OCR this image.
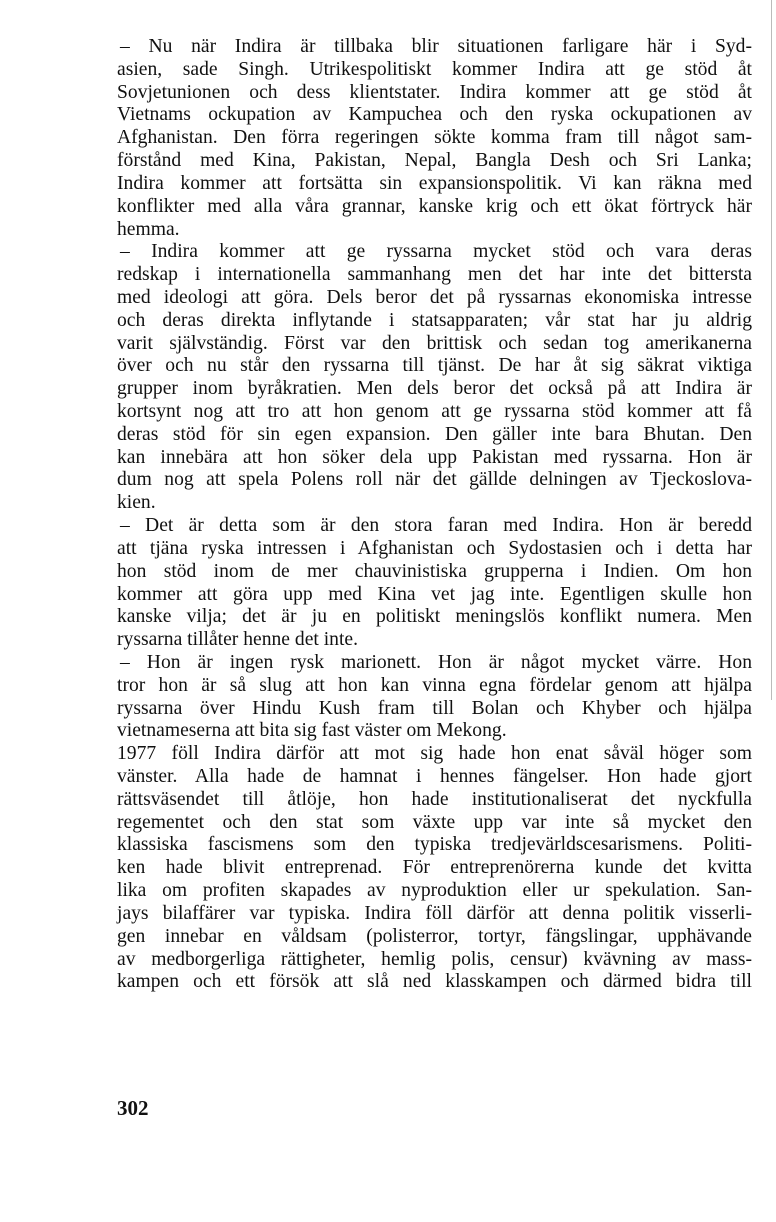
– Nu när Indira är tillbaka blir situationen farligare här i Syd-
asien, sade Singh. Utrikespolitiskt kommer Indira att ge stöd åt
Sovjetunionen och dess klientstater. Indira kommer att ge stöd åt
Vietnams ockupation av Kampuchea och den ryska ockupationen av
Afghanistan. Den förra regeringen sökte komma fram till något sam-
förstånd med Kina, Pakistan, Nepal, Bangla Desh och Sri Lanka;
Indira kommer att fortsätta sin expansionspolitik. Vi kan räkna med
konflikter med alla våra grannar, kanske krig och ett ökat förtryck här
hemma.
– Indira kommer att ge ryssarna mycket stöd och vara deras
redskap i internationella sammanhang men det har inte det bittersta
med ideologi att göra. Dels beror det på ryssarnas ekonomiska intresse
och deras direkta inflytande i statsapparaten; vår stat har ju aldrig
varit självständig. Först var den brittisk och sedan tog amerikanerna
över och nu står den ryssarna till tjänst. De har åt sig säkrat viktiga
grupper inom byråkratien. Men dels beror det också på att Indira är
kortsynt nog att tro att hon genom att ge ryssarna stöd kommer att få
deras stöd för sin egen expansion. Den gäller inte bara Bhutan. Den
kan innebära att hon söker dela upp Pakistan med ryssarna. Hon är
dum nog att spela Polens roll när det gällde delningen av Tjeckoslova-
kien.
– Det är detta som är den stora faran med Indira. Hon är beredd
att tjäna ryska intressen i Afghanistan och Sydostasien och i detta har
hon stöd inom de mer chauvinistiska grupperna i Indien. Om hon
kommer att göra upp med Kina vet jag inte. Egentligen skulle hon
kanske vilja; det är ju en politiskt meningslös konflikt numera. Men
ryssarna tillåter henne det inte.
– Hon är ingen rysk marionett. Hon är något mycket värre. Hon
tror hon är så slug att hon kan vinna egna fördelar genom att hjälpa
ryssarna över Hindu Kush fram till Bolan och Khyber och hjälpa
vietnameserna att bita sig fast väster om Mekong.
1977 föll Indira därför att mot sig hade hon enat såväl höger som
vänster. Alla hade de hamnat i hennes fängelser. Hon hade gjort
rättsväsendet till åtlöje, hon hade institutionaliserat det nyckfulla
regementet och den stat som växte upp var inte så mycket den
klassiska fascismens som den typiska tredjevärldscesarismens. Politi-
ken hade blivit entreprenad. För entreprenörerna kunde det kvitta
lika om profiten skapades av nyproduktion eller ur spekulation. San-
jays bilaffärer var typiska. Indira föll därför att denna politik visserli-
gen innebar en våldsam (polisterror, tortyr, fängslingar, upphävande
av medborgerliga rättigheter, hemlig polis, censur) kvävning av mass-
kampen och ett försök att slå ned klasskampen och därmed bidra till
302
